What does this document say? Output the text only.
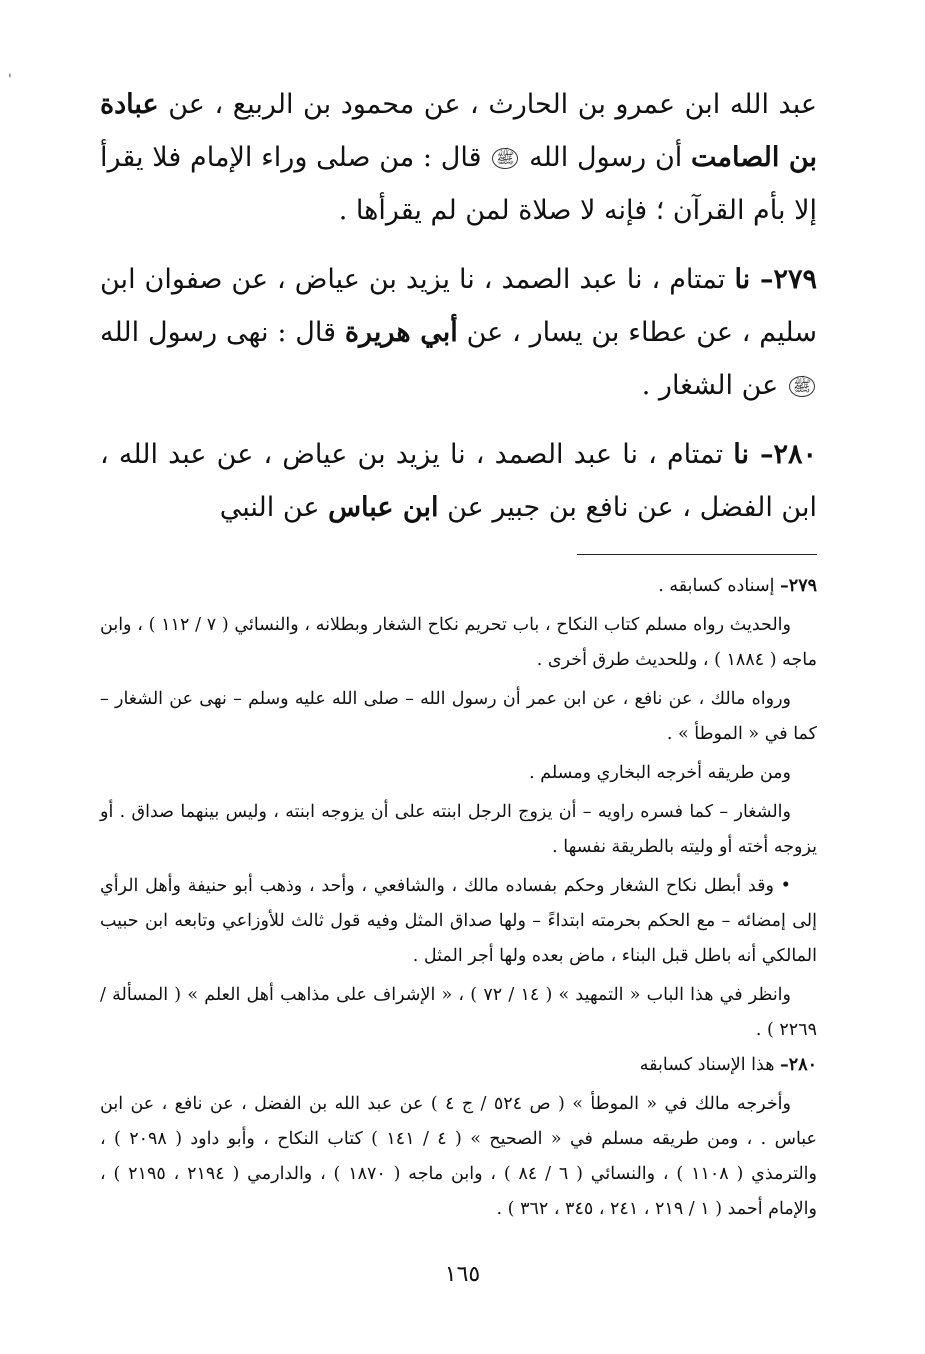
'

عبد الله ابن عمرو بن الحارث ، عن محمود بن الربيع ، عن عبادة بن الصامت أن رسول الله ﷺ قال : من صلى وراء الإمام فلا يقرأ إلا بأم القرآن ؛ فإنه لا صلاة لمن لم يقرأها .

٢٧٩– نا تمتام ، نا عبد الصمد ، نا يزيد بن عياض ، عن صفوان ابن سليم ، عن عطاء بن يسار ، عن أبي هريرة قال : نهى رسول الله ﷺ عن الشغار .

٢٨٠– نا تمتام ، نا عبد الصمد ، نا يزيد بن عياض ، عن عبد الله ، ابن الفضل ، عن نافع بن جبير عن ابن عباس عن النبي

٢٧٩– إسناده كسابقه .

والحديث رواه مسلم كتاب النكاح ، باب تحريم نكاح الشغار وبطلانه ، والنسائي ( ٧ / ١١٢ ) ، وابن ماجه ( ١٨٨٤ ) ، وللحديث طرق أخرى .

ورواه مالك ، عن نافع ، عن ابن عمر أن رسول الله – صلى الله عليه وسلم – نهى عن الشغار – كما في « الموطأ » .

ومن طريقه أخرجه البخاري ومسلم .

والشغار – كما فسره راويه – أن يزوج الرجل ابنته على أن يزوجه ابنته ، وليس بينهما صداق . أو يزوجه أخته أو وليته بالطريقة نفسها .

• وقد أبطل نكاح الشغار وحكم بفساده مالك ، والشافعي ، وأحد ، وذهب أبو حنيفة وأهل الرأي إلى إمضائه – مع الحكم بحرمته ابتداءً – ولها صداق المثل وفيه قول ثالث للأوزاعي وتابعه ابن حبيب المالكي أنه باطل قبل البناء ، ماض بعده ولها أجر المثل .

وانظر في هذا الباب « التمهيد » ( ١٤ / ٧٢ ) ، « الإشراف على مذاهب أهل العلم » ( المسألة / ٢٢٦٩ ) .

٢٨٠– هذا الإسناد كسابقه

وأخرجه مالك في « الموطأ » ( ص ٥٢٤ / ج ٤ ) عن عبد الله بن الفضل ، عن نافع ، عن ابن عباس . ، ومن طريقه مسلم في « الصحيح » ( ٤ / ١٤١ ) كتاب النكاح ، وأبو داود ( ٢٠٩٨ ) ، والترمذي ( ١١٠٨ ) ، والنسائي ( ٦ / ٨٤ ) ، وابن ماجه ( ١٨٧٠ ) ، والدارمي ( ٢١٩٤ ، ٢١٩٥ ) ، والإمام أحمد ( ١ / ٢١٩ ، ٢٤١ ، ٣٤٥ ، ٣٦٢ ) .

١٦٥
